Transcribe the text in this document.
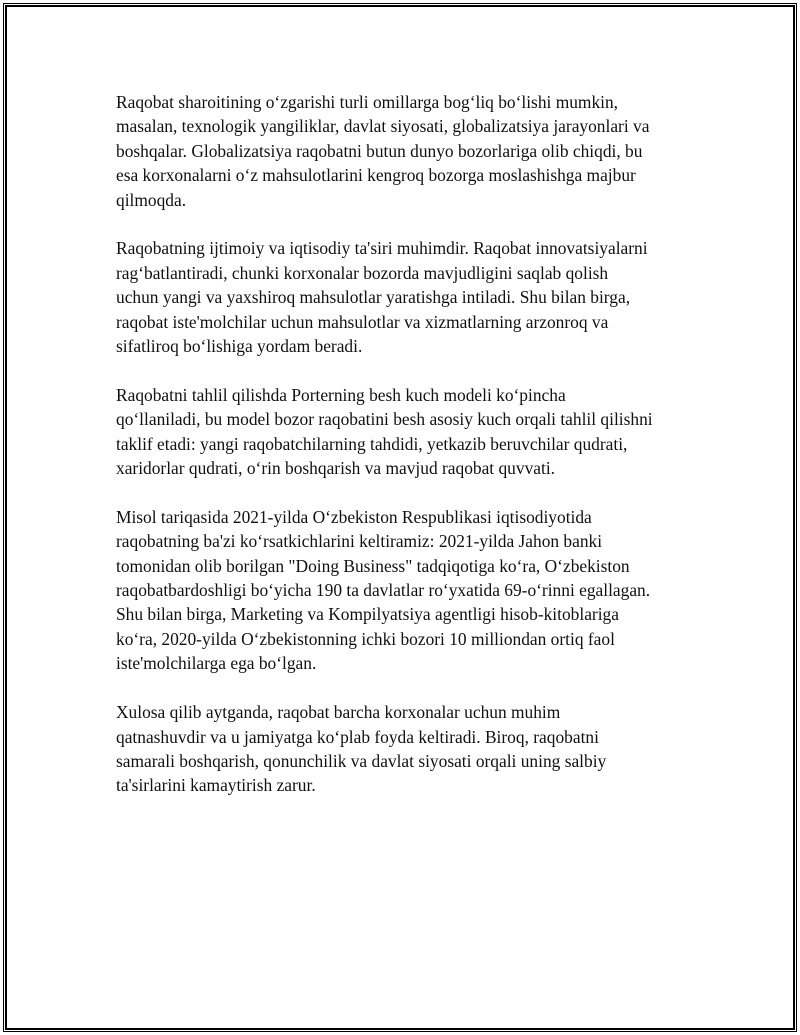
Raqobat sharoitining o‘zgarishi turli omillarga bog‘liq bo‘lishi mumkin,
masalan, texnologik yangiliklar, davlat siyosati, globalizatsiya jarayonlari va
boshqalar. Globalizatsiya raqobatni butun dunyo bozorlariga olib chiqdi, bu
esa korxonalarni o‘z mahsulotlarini kengroq bozorga moslashishga majbur
qilmoqda.

Raqobatning ijtimoiy va iqtisodiy ta'siri muhimdir. Raqobat innovatsiyalarni
rag‘batlantiradi, chunki korxonalar bozorda mavjudligini saqlab qolish
uchun yangi va yaxshiroq mahsulotlar yaratishga intiladi. Shu bilan birga,
raqobat iste'molchilar uchun mahsulotlar va xizmatlarning arzonroq va
sifatliroq bo‘lishiga yordam beradi.

Raqobatni tahlil qilishda Porterning besh kuch modeli ko‘pincha
qo‘llaniladi, bu model bozor raqobatini besh asosiy kuch orqali tahlil qilishni
taklif etadi: yangi raqobatchilarning tahdidi, yetkazib beruvchilar qudrati,
xaridorlar qudrati, o‘rin boshqarish va mavjud raqobat quvvati.

Misol tariqasida 2021-yilda O‘zbekiston Respublikasi iqtisodiyotida
raqobatning ba'zi ko‘rsatkichlarini keltiramiz: 2021-yilda Jahon banki
tomonidan olib borilgan "Doing Business" tadqiqotiga ko‘ra, O‘zbekiston
raqobatbardoshligi bo‘yicha 190 ta davlatlar ro‘yxatida 69-o‘rinni egallagan.
Shu bilan birga, Marketing va Kompilyatsiya agentligi hisob-kitoblariga
ko‘ra, 2020-yilda O‘zbekistonning ichki bozori 10 milliondan ortiq faol
iste'molchilarga ega bo‘lgan.

Xulosa qilib aytganda, raqobat barcha korxonalar uchun muhim
qatnashuvdir va u jamiyatga ko‘plab foyda keltiradi. Biroq, raqobatni
samarali boshqarish, qonunchilik va davlat siyosati orqali uning salbiy
ta'sirlarini kamaytirish zarur.
